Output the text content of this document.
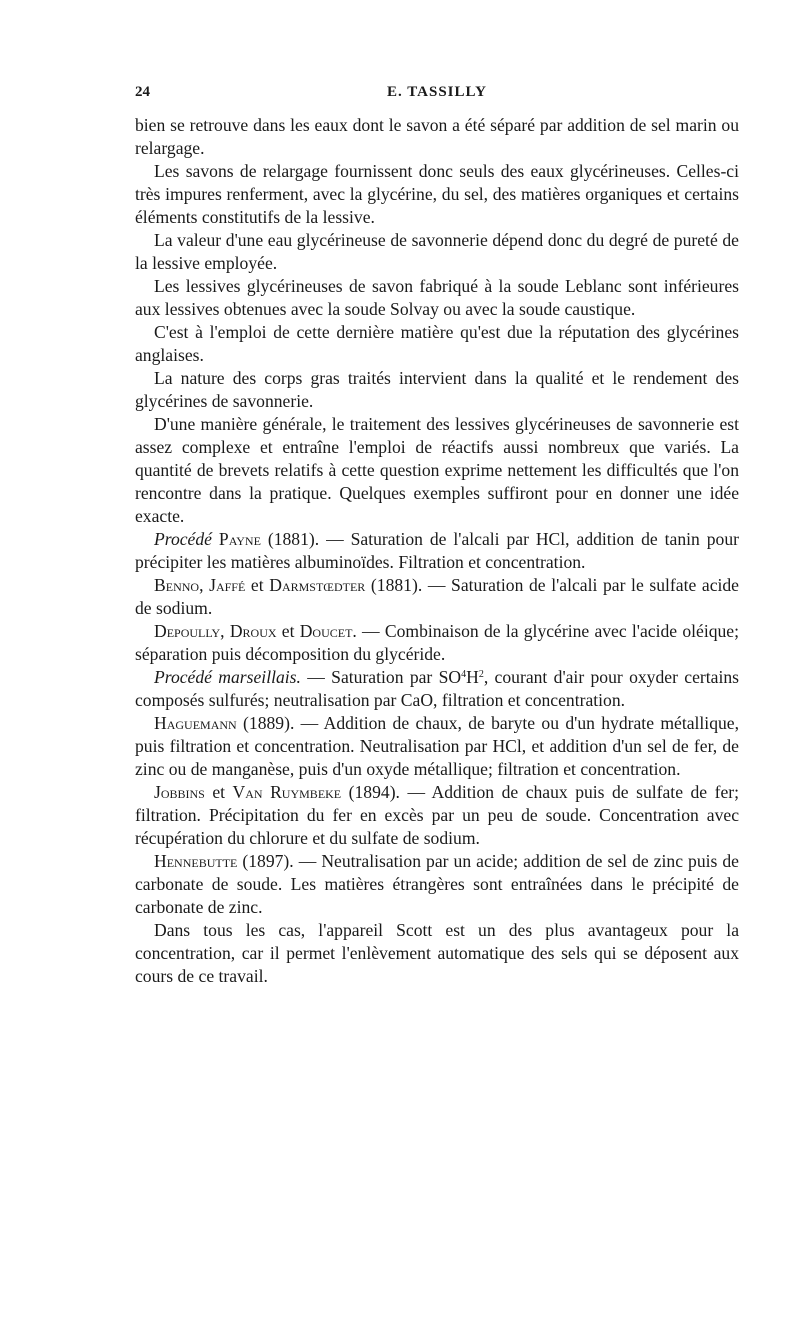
24	E. TASSILLY

bien se retrouve dans les eaux dont le savon a été séparé par addition de sel marin ou relargage.

Les savons de relargage fournissent donc seuls des eaux glycérineuses. Celles-ci très impures renferment, avec la glycérine, du sel, des matières organiques et certains éléments constitutifs de la lessive.

La valeur d'une eau glycérineuse de savonnerie dépend donc du degré de pureté de la lessive employée.

Les lessives glycérineuses de savon fabriqué à la soude Leblanc sont inférieures aux lessives obtenues avec la soude Solvay ou avec la soude caustique.

C'est à l'emploi de cette dernière matière qu'est due la réputation des glycérines anglaises.

La nature des corps gras traités intervient dans la qualité et le rendement des glycérines de savonnerie.

D'une manière générale, le traitement des lessives glycérineuses de savonnerie est assez complexe et entraîne l'emploi de réactifs aussi nombreux que variés. La quantité de brevets relatifs à cette question exprime nettement les difficultés que l'on rencontre dans la pratique. Quelques exemples suffiront pour en donner une idée exacte.

Procédé Payne (1881). — Saturation de l'alcali par HCl, addition de tanin pour précipiter les matières albuminoïdes. Filtration et concentration.

Benno, Jaffé et Darmstœdter (1881). — Saturation de l'alcali par le sulfate acide de sodium.

Depoully, Droux et Doucet. — Combinaison de la glycérine avec l'acide oléique; séparation puis décomposition du glycéride.

Procédé marseillais. — Saturation par $SO^4H^2$, courant d'air pour oxyder certains composés sulfurés; neutralisation par CaO, filtration et concentration.

Haguemann (1889). — Addition de chaux, de baryte ou d'un hydrate métallique, puis filtration et concentration. Neutralisation par HCl, et addition d'un sel de fer, de zinc ou de manganèse, puis d'un oxyde métallique; filtration et concentration.

Jobbins et Van Ruymbeke (1894). — Addition de chaux puis de sulfate de fer; filtration. Précipitation du fer en excès par un peu de soude. Concentration avec récupération du chlorure et du sulfate de sodium.

Hennebutte (1897). — Neutralisation par un acide; addition de sel de zinc puis de carbonate de soude. Les matières étrangères sont entraînées dans le précipité de carbonate de zinc.

Dans tous les cas, l'appareil Scott est un des plus avantageux pour la concentration, car il permet l'enlèvement automatique des sels qui se déposent aux cours de ce travail.
